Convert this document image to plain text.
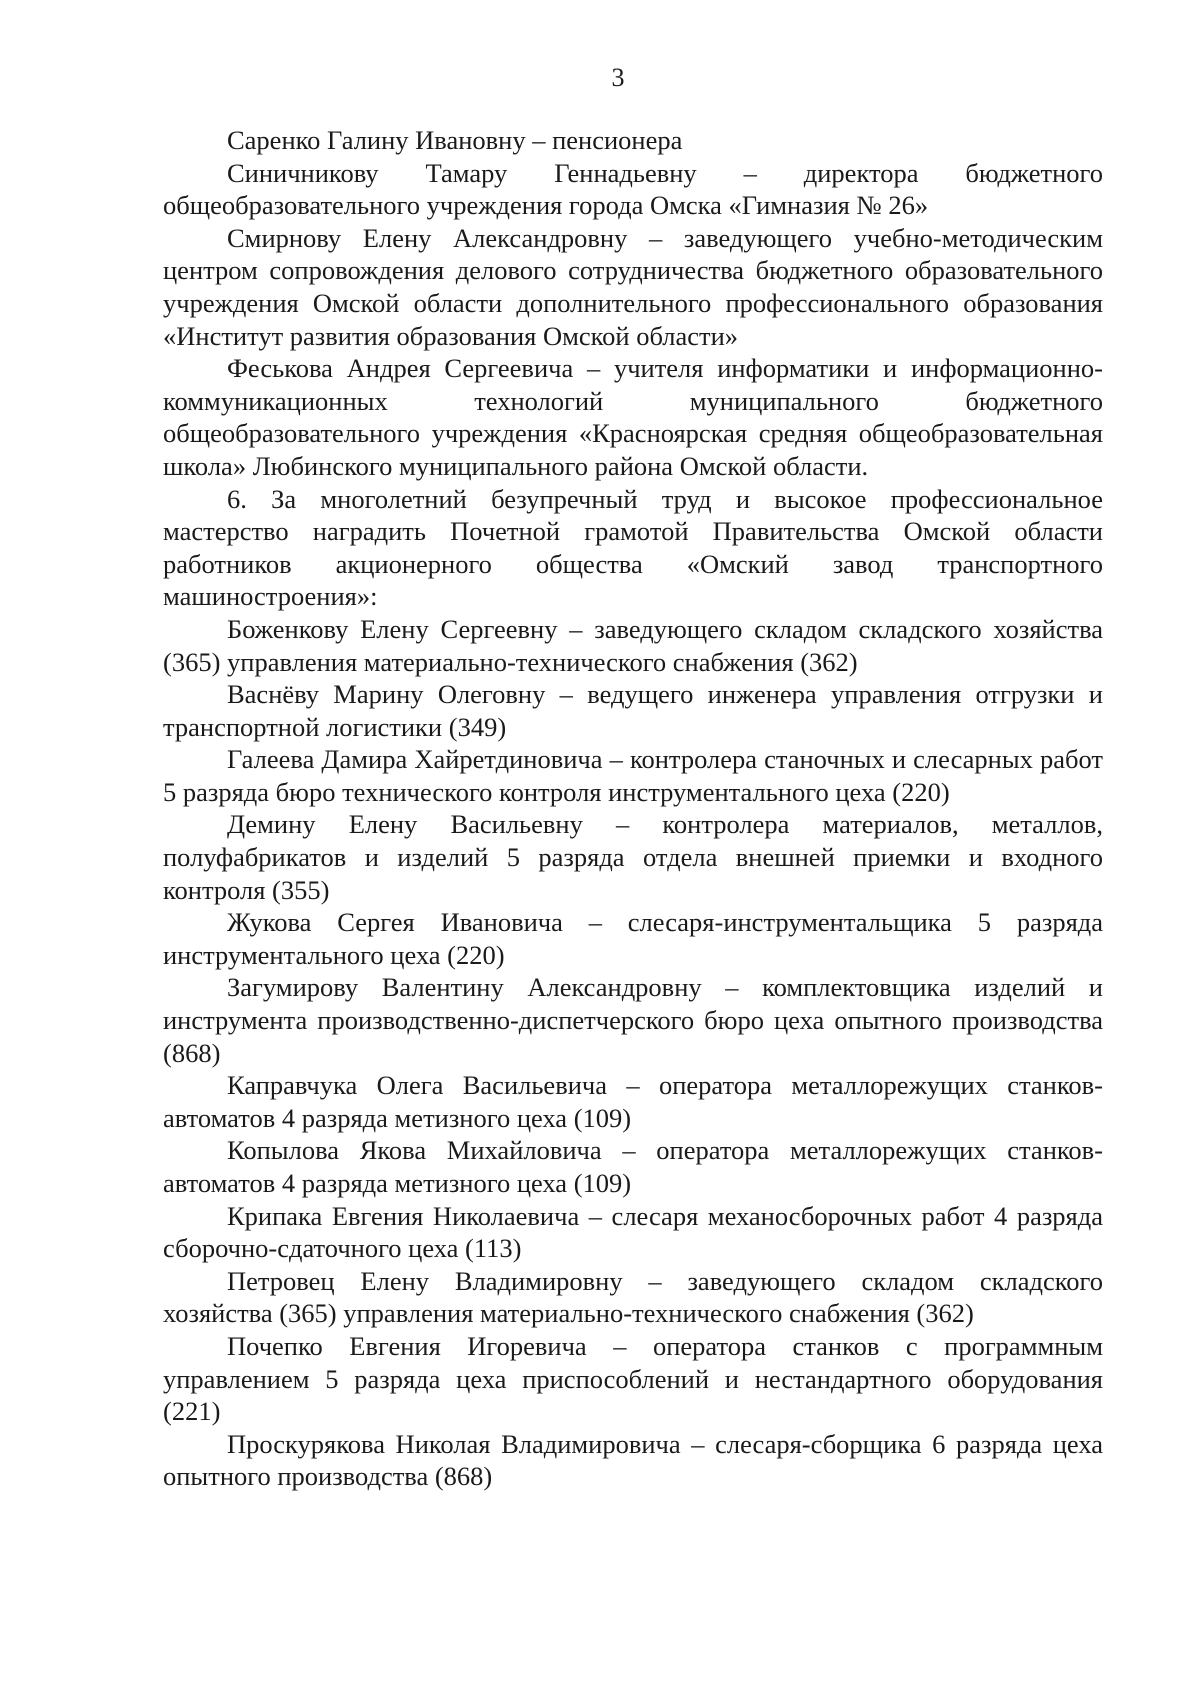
3

Саренко Галину Ивановну – пенсионера

Синичникову Тамару Геннадьевну – директора бюджетного общеобразовательного учреждения города Омска «Гимназия № 26»

Смирнову Елену Александровну – заведующего учебно-методическим центром сопровождения делового сотрудничества бюджетного образовательного учреждения Омской области дополнительного профессионального образования «Институт развития образования Омской области»

Феськова Андрея Сергеевича – учителя информатики и информационно-коммуникационных технологий муниципального бюджетного общеобразовательного учреждения «Красноярская средняя общеобразовательная школа» Любинского муниципального района Омской области.

6. За многолетний безупречный труд и высокое профессиональное мастерство наградить Почетной грамотой Правительства Омской области работников акционерного общества «Омский завод транспортного машиностроения»:

Боженкову Елену Сергеевну – заведующего складом складского хозяйства (365) управления материально-технического снабжения (362)

Васнёву Марину Олеговну – ведущего инженера управления отгрузки и транспортной логистики (349)

Галеева Дамира Хайретдиновича – контролера станочных и слесарных работ 5 разряда бюро технического контроля инструментального цеха (220)

Демину Елену Васильевну – контролера материалов, металлов, полуфабрикатов и изделий 5 разряда отдела внешней приемки и входного контроля (355)

Жукова Сергея Ивановича – слесаря-инструментальщика 5 разряда инструментального цеха (220)

Загумирову Валентину Александровну – комплектовщика изделий и инструмента производственно-диспетчерского бюро цеха опытного производства (868)

Каправчука Олега Васильевича – оператора металлорежущих станков-автоматов 4 разряда метизного цеха (109)

Копылова Якова Михайловича – оператора металлорежущих станков-автоматов 4 разряда метизного цеха (109)

Крипака Евгения Николаевича – слесаря механосборочных работ 4 разряда сборочно-сдаточного цеха (113)

Петровец Елену Владимировну – заведующего складом складского хозяйства (365) управления материально-технического снабжения (362)

Почепко Евгения Игоревича – оператора станков с программным управлением 5 разряда цеха приспособлений и нестандартного оборудования (221)

Проскурякова Николая Владимировича – слесаря-сборщика 6 разряда цеха опытного производства (868)
